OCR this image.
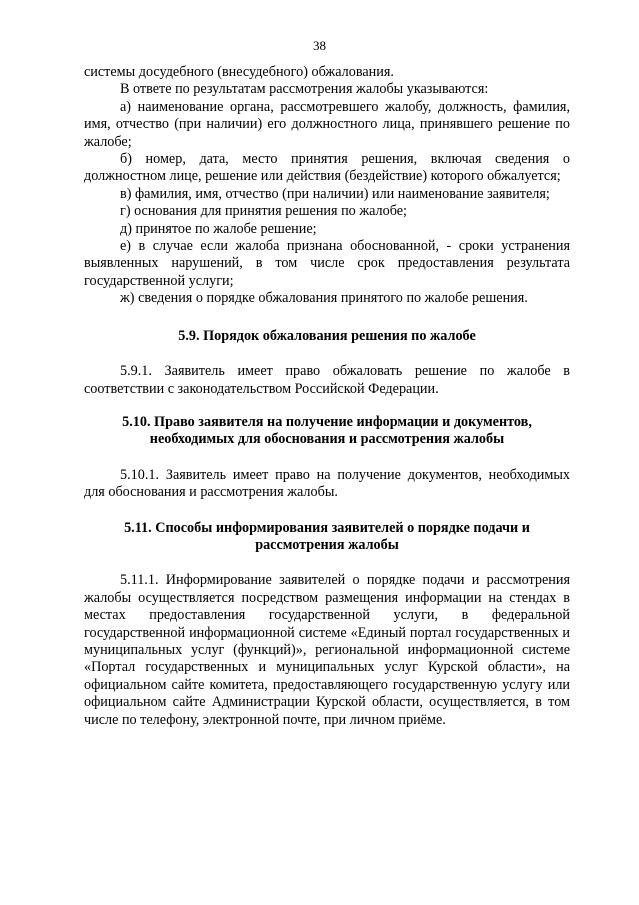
38

системы досудебного (внесудебного) обжалования.

В ответе по результатам рассмотрения жалобы указываются:

а) наименование органа, рассмотревшего жалобу, должность, фамилия, имя, отчество (при наличии) его должностного лица, принявшего решение по жалобе;

б) номер, дата, место принятия решения, включая сведения о должностном лице, решение или действия (бездействие) которого обжалуется;

в) фамилия, имя, отчество (при наличии) или наименование заявителя;

г) основания для принятия решения по жалобе;

д) принятое по жалобе решение;

е) в случае если жалоба признана обоснованной, - сроки устранения выявленных нарушений, в том числе срок предоставления результата государственной услуги;

ж) сведения о порядке обжалования принятого по жалобе решения.

5.9. Порядок обжалования решения по жалобе

5.9.1. Заявитель имеет право обжаловать решение по жалобе в соответствии с законодательством Российской Федерации.

5.10. Право заявителя на получение информации и документов, необходимых для обоснования и рассмотрения жалобы

5.10.1. Заявитель имеет право на получение документов, необходимых для обоснования и рассмотрения жалобы.

5.11. Способы информирования заявителей о порядке подачи и рассмотрения жалобы

5.11.1. Информирование заявителей о порядке подачи и рассмотрения жалобы осуществляется посредством размещения информации на стендах в местах предоставления государственной услуги, в федеральной государственной информационной системе «Единый портал государственных и муниципальных услуг (функций)», региональной информационной системе «Портал государственных и муниципальных услуг Курской области», на официальном сайте комитета, предоставляющего государственную услугу или официальном сайте Администрации Курской области, осуществляется, в том числе по телефону, электронной почте, при личном приёме.
